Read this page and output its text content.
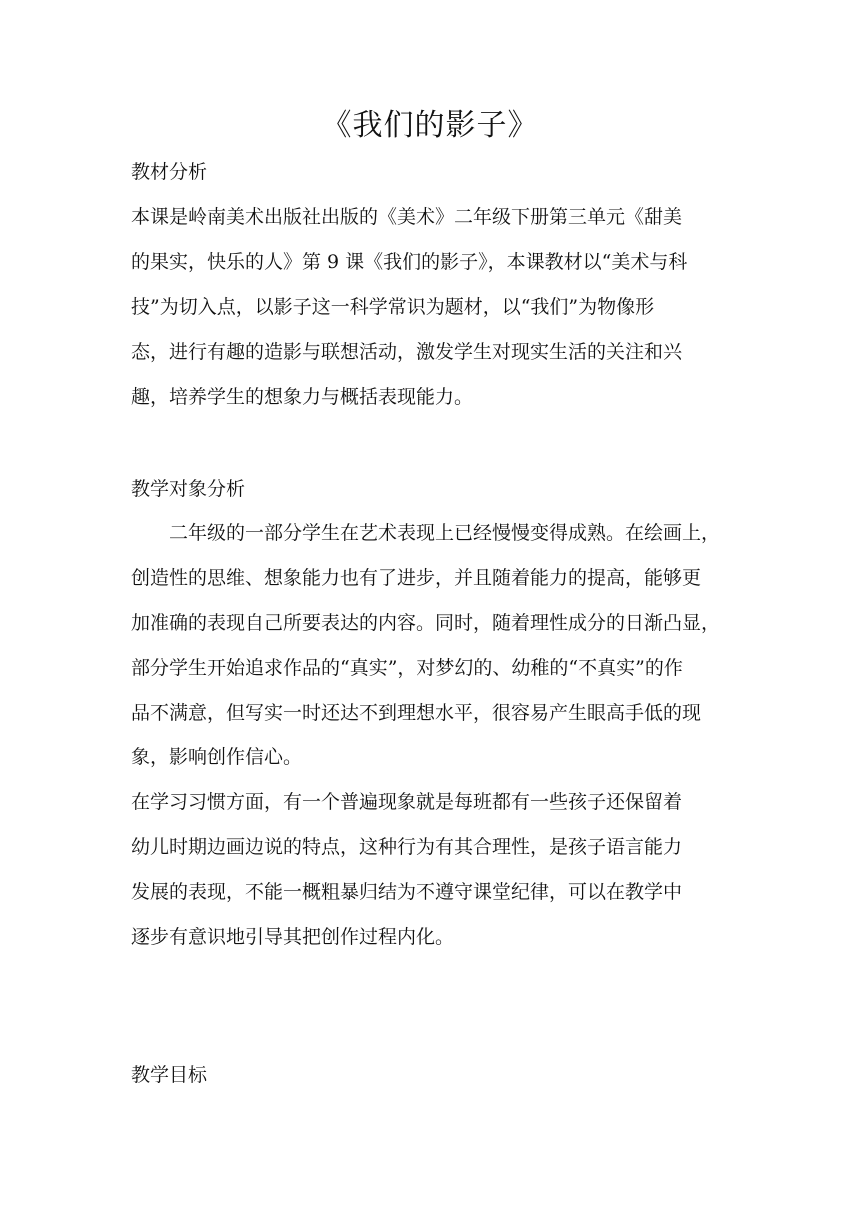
《我们的影子》
教材分析
本课是岭南美术出版社出版的《美术》二年级下册第三单元《甜美
的果实，快乐的人》第 9 课《我们的影子》，本课教材以“美术与科
技”为切入点，以影子这一科学常识为题材，以“我们”为物像形
态，进行有趣的造影与联想活动，激发学生对现实生活的关注和兴
趣，培养学生的想象力与概括表现能力。
教学对象分析
二年级的一部分学生在艺术表现上已经慢慢变得成熟。在绘画上，
创造性的思维、想象能力也有了进步，并且随着能力的提高，能够更
加准确的表现自己所要表达的内容。同时，随着理性成分的日渐凸显，
部分学生开始追求作品的“真实”，对梦幻的、幼稚的“不真实”的作
品不满意，但写实一时还达不到理想水平，很容易产生眼高手低的现
象，影响创作信心。
在学习习惯方面，有一个普遍现象就是每班都有一些孩子还保留着
幼儿时期边画边说的特点，这种行为有其合理性，是孩子语言能力
发展的表现，不能一概粗暴归结为不遵守课堂纪律，可以在教学中
逐步有意识地引导其把创作过程内化。
教学目标
